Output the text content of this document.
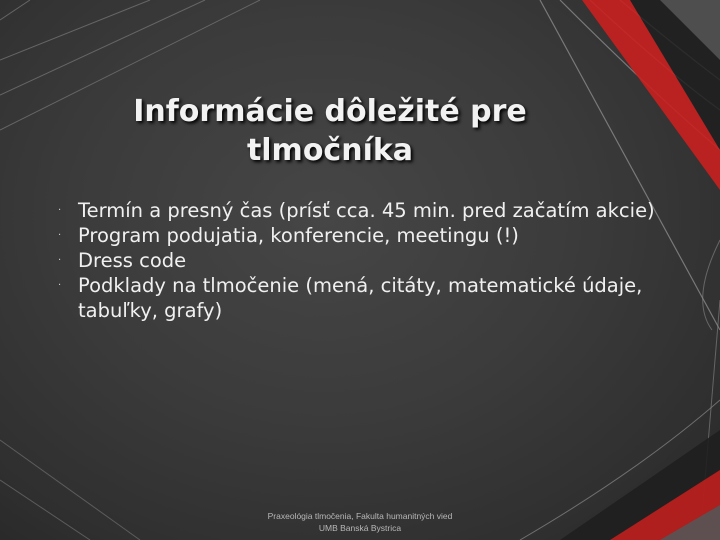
Informácie dôležité pre tlmočníka
· Termín a presný čas (prísť cca. 45 min. pred začatím akcie)
· Program podujatia, konferencie, meetingu (!)
· Dress code
· Podklady na tlmočenie (mená, citáty, matematické údaje, tabuľky, grafy)
Praxeológia tlmočenia, Fakulta humanitných vied
UMB Banská Bystrica
